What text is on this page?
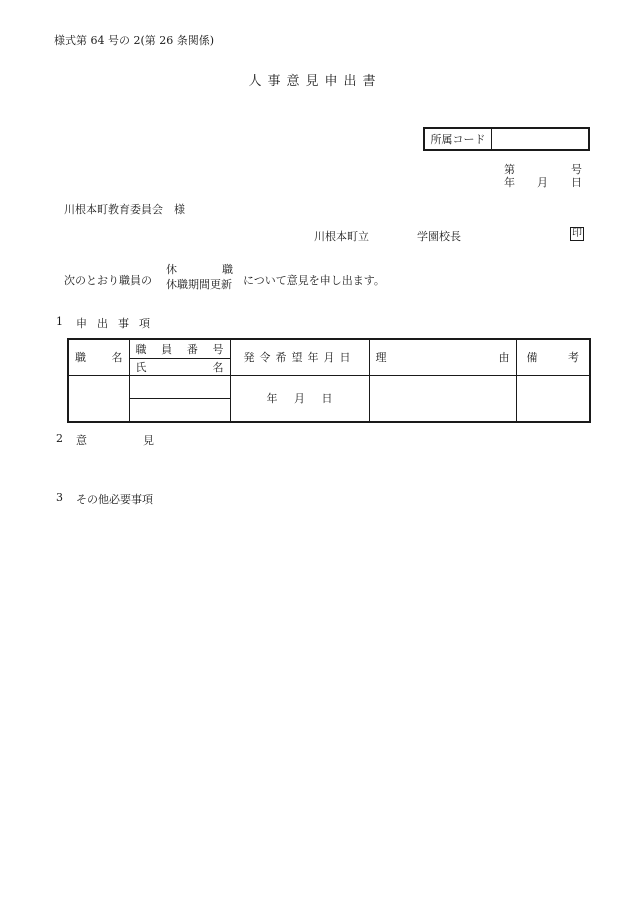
様式第 64 号の 2(第 26 条関係)
人事意見申出書
所属コード
第	号
年 月 日
川根本町教育委員会　様
川根本町立	学園校長	印
次のとおり職員の
休	職
休職期間更新 について意見を申し出ます。
1 申出事項
職 名	職 員 番 号	発令希望年月日	理 由	備 考

	氏 名			

		年 月 日		

2 意	見
3 その他必要事項
